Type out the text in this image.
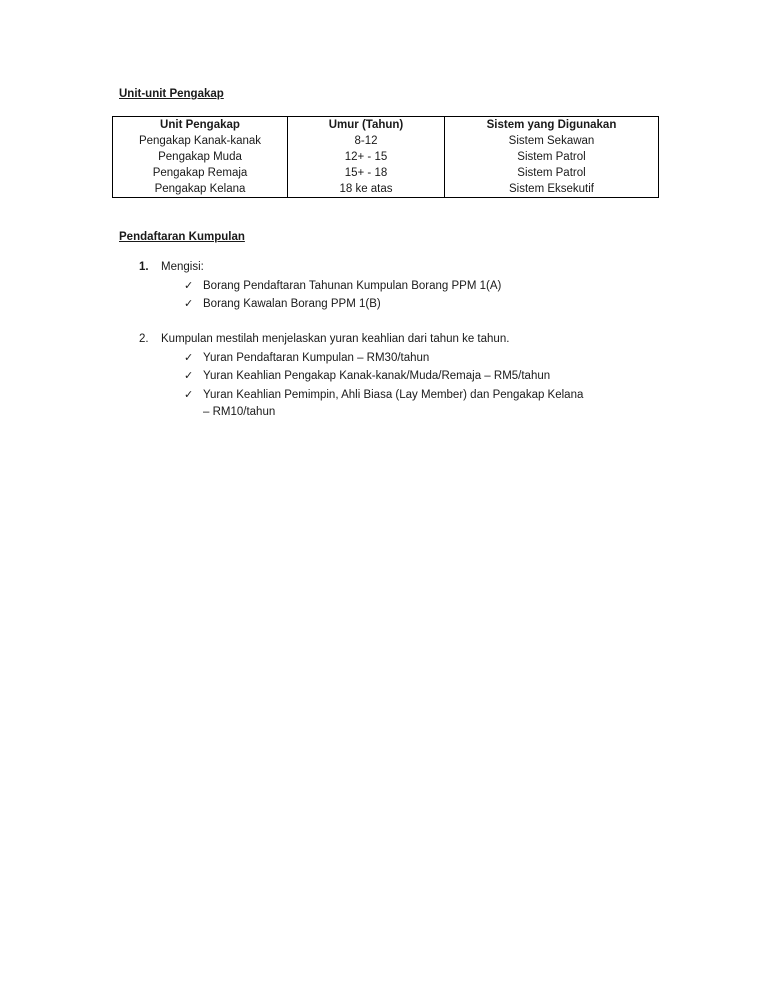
Unit-unit Pengakap
Unit Pengakap	Umur (Tahun)	Sistem yang Digunakan
Pengakap Kanak-kanak	8-12	Sistem Sekawan
Pengakap Muda	12+ - 15	Sistem Patrol
Pengakap Remaja	15+ - 18	Sistem Patrol
Pengakap Kelana	18 ke atas	Sistem Eksekutif
Pendaftaran Kumpulan
1. Mengisi:
✓ Borang Pendaftaran Tahunan Kumpulan Borang PPM 1(A)
✓ Borang Kawalan Borang PPM 1(B)
2. Kumpulan mestilah menjelaskan yuran keahlian dari tahun ke tahun.
✓ Yuran Pendaftaran Kumpulan – RM30/tahun
✓ Yuran Keahlian Pengakap Kanak-kanak/Muda/Remaja – RM5/tahun
✓ Yuran Keahlian Pemimpin, Ahli Biasa (Lay Member) dan Pengakap Kelana
– RM10/tahun
